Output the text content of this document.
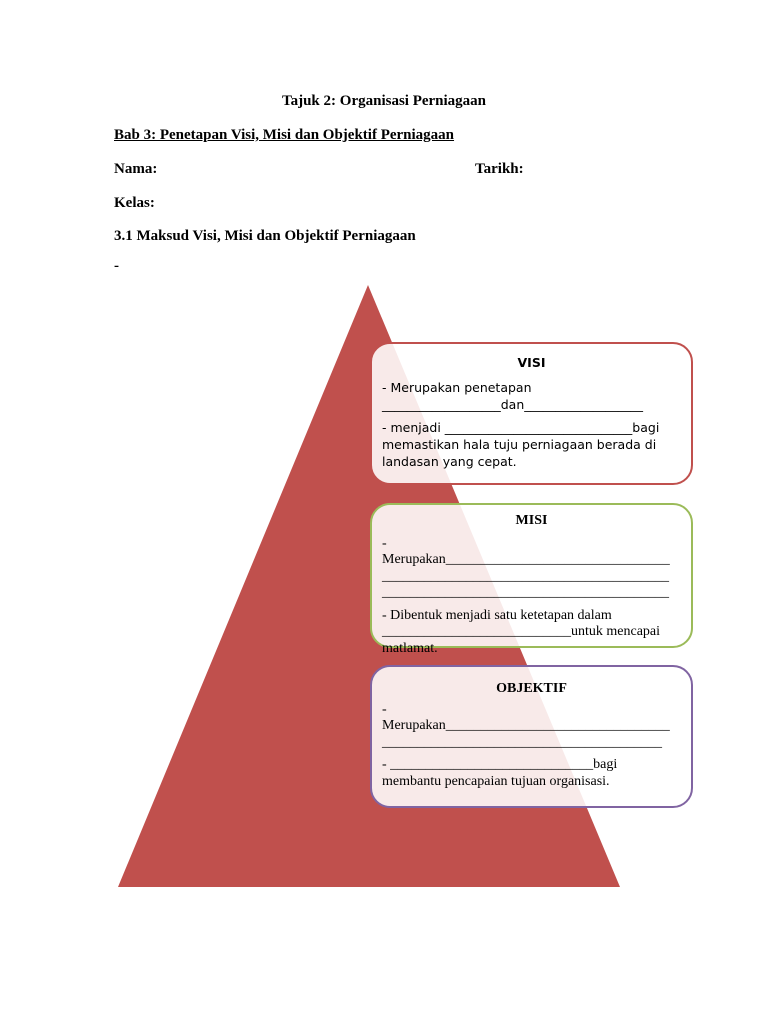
Tajuk 2: Organisasi Perniagaan
Bab 3: Penetapan Visi, Misi dan Objektif Perniagaan
Nama:	Tarikh:
Kelas:
3.1 Maksud Visi, Misi dan Objektif Perniagaan
-
VISI

- Merupakan penetapan

___________________dan___________________

- menjadi ______________________________bagi

memastikan hala tuju perniagaan berada di

landasan yang cepat.

MISI

-

Merupakan________________________________

_________________________________________

_________________________________________

- Dibentuk menjadi satu ketetapan dalam

___________________________untuk mencapai

matlamat.

OBJEKTIF

-

Merupakan________________________________

________________________________________

- _____________________________bagi

membantu pencapaian tujuan organisasi.
